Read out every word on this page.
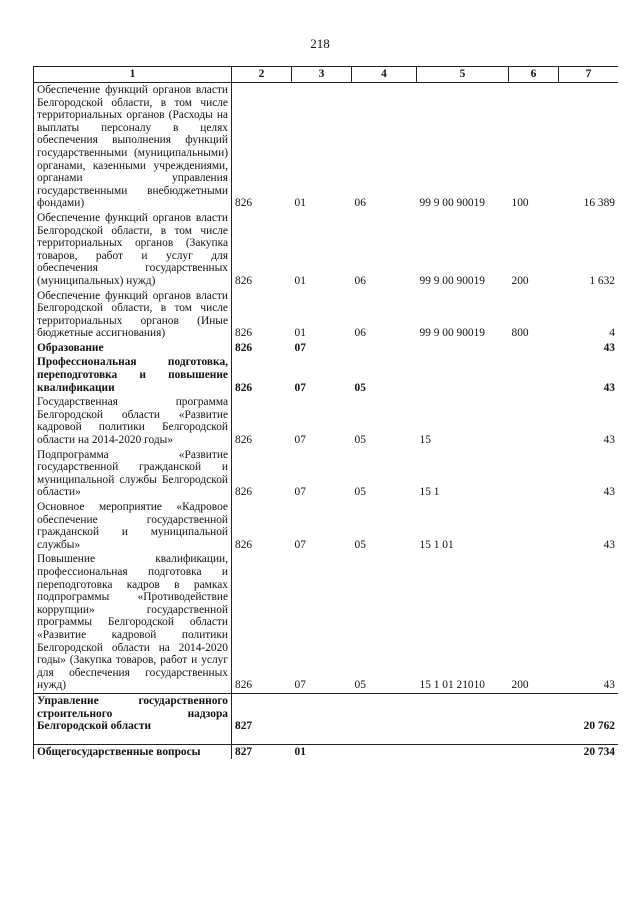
218
1	2	3	4	5	6	7
Обеспечение функций органов власти Белгородской области, в том числе территориальных органов (Расходы на выплаты персоналу в целях обеспечения выполнения функций государственными (муниципальными) органами, казенными учреждениями, органами управления государственными внебюджетными фондами)	826	01	06	99 9 00 90019	100	16 389
Обеспечение функций органов власти Белгородской области, в том числе территориальных органов (Закупка товаров, работ и услуг для обеспечения государственных (муниципальных) нужд)	826	01	06	99 9 00 90019	200	1 632
Обеспечение функций органов власти Белгородской области, в том числе территориальных органов (Иные бюджетные ассигнования)	826	01	06	99 9 00 90019	800	4
Образование	826	07				43
Профессиональная подготовка, переподготовка и повышение квалификации	826	07	05			43
Государственная программа Белгородской области «Развитие кадровой политики Белгородской области на 2014-2020 годы»	826	07	05	15		43
Подпрограмма «Развитие государственной гражданской и муниципальной службы Белгородской области»	826	07	05	15 1		43
Основное мероприятие «Кадровое обеспечение государственной гражданской и муниципальной службы»	826	07	05	15 1 01		43
Повышение квалификации, профессиональная подготовка и переподготовка кадров в рамках подпрограммы «Противодействие коррупции» государственной программы Белгородской области «Развитие кадровой политики Белгородской области на 2014-2020 годы» (Закупка товаров, работ и услуг для обеспечения государственных нужд)	826	07	05	15 1 01 21010	200	43
Управление государственного строительного надзора Белгородской области	827					20 762

Общегосударственные вопросы	827	01				20 734
